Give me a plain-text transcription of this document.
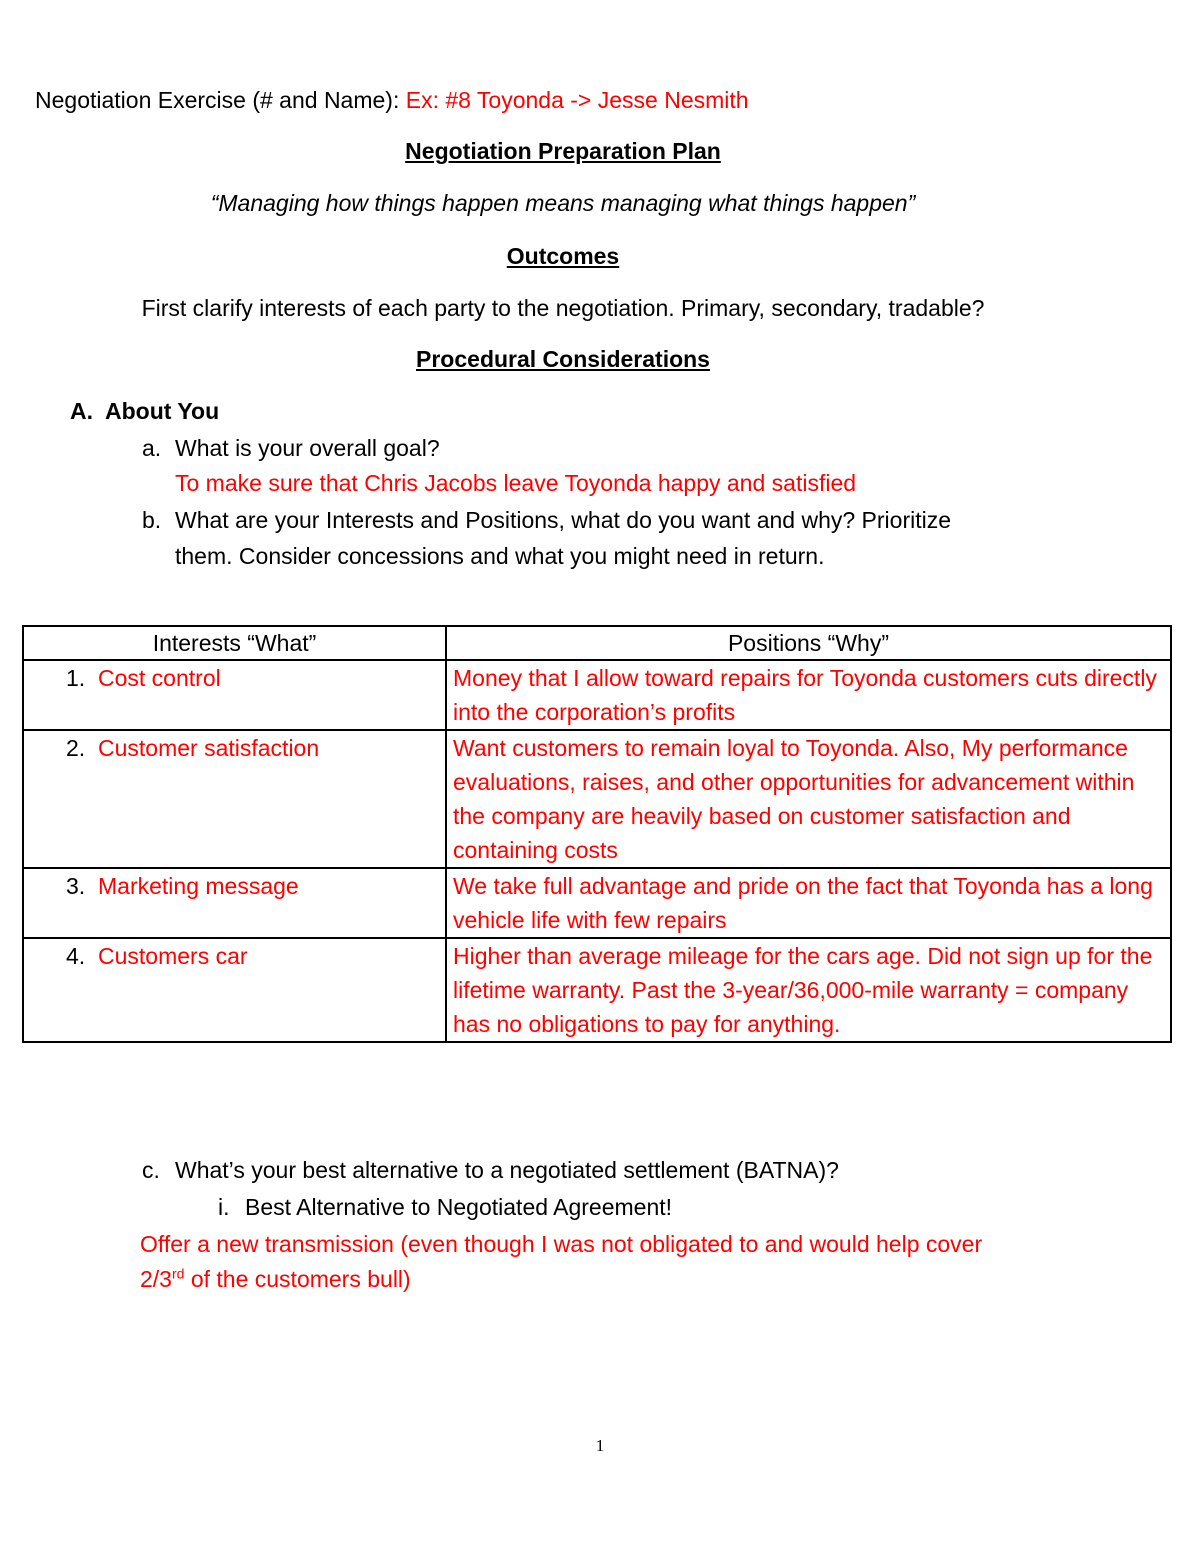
Negotiation Exercise (# and Name): Ex: #8 Toyonda -> Jesse Nesmith
Negotiation Preparation Plan
“Managing how things happen means managing what things happen”
Outcomes
First clarify interests of each party to the negotiation. Primary, secondary, tradable?
Procedural Considerations
A. About You
a. What is your overall goal?
To make sure that Chris Jacobs leave Toyonda happy and satisfied
b. What are your Interests and Positions, what do you want and why? Prioritize
them. Consider concessions and what you might need in return.
Interests “What”	Positions “Why”
1. Cost control	Money that I allow toward repairs for Toyonda customers cuts directly into the corporation’s profits
2. Customer satisfaction	Want customers to remain loyal to Toyonda. Also, My performance evaluations, raises, and other opportunities for advancement within the company are heavily based on customer satisfaction and containing costs
3. Marketing message	We take full advantage and pride on the fact that Toyonda has a long vehicle life with few repairs
4. Customers car	Higher than average mileage for the cars age. Did not sign up for the lifetime warranty. Past the 3-year/36,000-mile warranty = company has no obligations to pay for anything.
c. What’s your best alternative to a negotiated settlement (BATNA)?
i. Best Alternative to Negotiated Agreement!
Offer a new transmission (even though I was not obligated to and would help cover
2/3rd of the customers bull)
1
